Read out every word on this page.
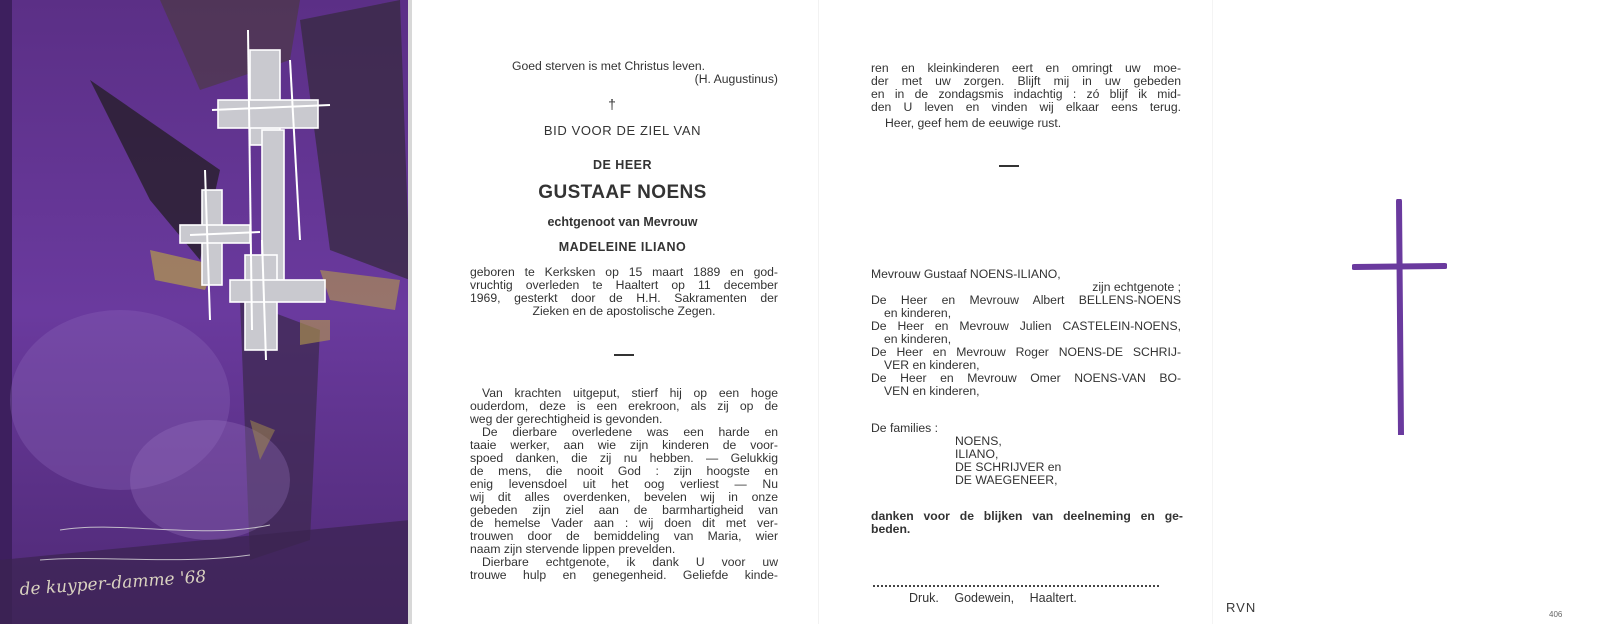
de kuyper-damme '68
Goed sterven is met Christus leven.
(H. Augustinus)
†
BID VOOR DE ZIEL VAN
DE HEER
GUSTAAF NOENS
echtgenoot van Mevrouw
MADELEINE ILIANO
geboren te Kerksken op 15 maart 1889 en god-
vruchtig overleden te Haaltert op 11 december
1969, gesterkt door de H.H. Sakramenten der
Zieken en de apostolische Zegen.
Van krachten uitgeput, stierf hij op een hoge
ouderdom, deze is een erekroon, als zij op de
weg der gerechtigheid is gevonden.
De dierbare overledene was een harde en
taaie werker, aan wie zijn kinderen de voor-
spoed danken, die zij nu hebben. — Gelukkig
de mens, die nooit God : zijn hoogste en
enig levensdoel uit het oog verliest — Nu
wij dit alles overdenken, bevelen wij in onze
gebeden zijn ziel aan de barmhartigheid van
de hemelse Vader aan : wij doen dit met ver-
trouwen door de bemiddeling van Maria, wier
naam zijn stervende lippen prevelden.
Dierbare echtgenote, ik dank U voor uw
trouwe hulp en genegenheid. Geliefde kinde-
ren en kleinkinderen eert en omringt uw moe-
der met uw zorgen. Blijft mij in uw gebeden
en in de zondagsmis indachtig : zó blijf ik mid-
den U leven en vinden wij elkaar eens terug.
Heer, geef hem de eeuwige rust.
Mevrouw Gustaaf NOENS-ILIANO,
zijn echtgenote ;
De Heer en Mevrouw Albert BELLENS-NOENS
en kinderen,
De Heer en Mevrouw Julien CASTELEIN-NOENS,
en kinderen,
De Heer en Mevrouw Roger NOENS-DE SCHRIJ-
VER en kinderen,
De Heer en Mevrouw Omer NOENS-VAN BO-
VEN en kinderen,
De families :
NOENS,
ILIANO,
DE SCHRIJVER en
DE WAEGENEER,
danken voor de blijken van deelneming en ge-
beden.
Druk. Godewein, Haaltert.
RVN	406
